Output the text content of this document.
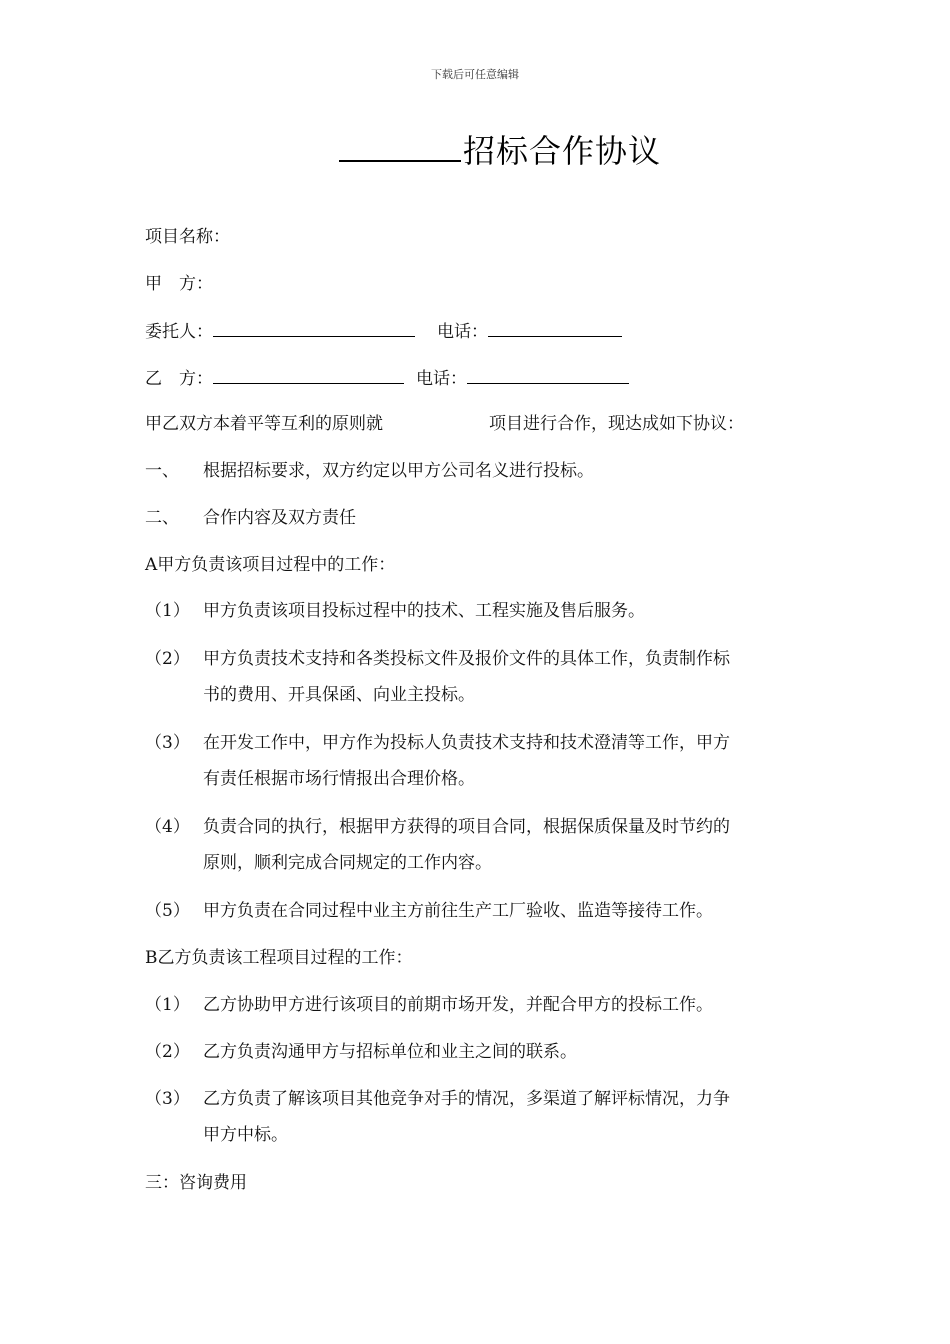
下载后可任意编辑
招标合作协议
项目名称：
甲　方：
委托人：	电话：
乙　方：	电话：
甲乙双方本着平等互利的原则就	项目进行合作，现达成如下协议：
一、 根据招标要求，双方约定以甲方公司名义进行投标。
二、 合作内容及双方责任
A甲方负责该项目过程中的工作：
（1） 甲方负责该项目投标过程中的技术、工程实施及售后服务。
（2） 甲方负责技术支持和各类投标文件及报价文件的具体工作，负责制作标
书的费用、开具保函、向业主投标。
（3） 在开发工作中，甲方作为投标人负责技术支持和技术澄清等工作，甲方
有责任根据市场行情报出合理价格。
（4） 负责合同的执行，根据甲方获得的项目合同，根据保质保量及时节约的
原则，顺利完成合同规定的工作内容。
（5） 甲方负责在合同过程中业主方前往生产工厂验收、监造等接待工作。
B乙方负责该工程项目过程的工作：
（1） 乙方协助甲方进行该项目的前期市场开发，并配合甲方的投标工作。
（2） 乙方负责沟通甲方与招标单位和业主之间的联系。
（3） 乙方负责了解该项目其他竞争对手的情况，多渠道了解评标情况，力争
甲方中标。
三：咨询费用
